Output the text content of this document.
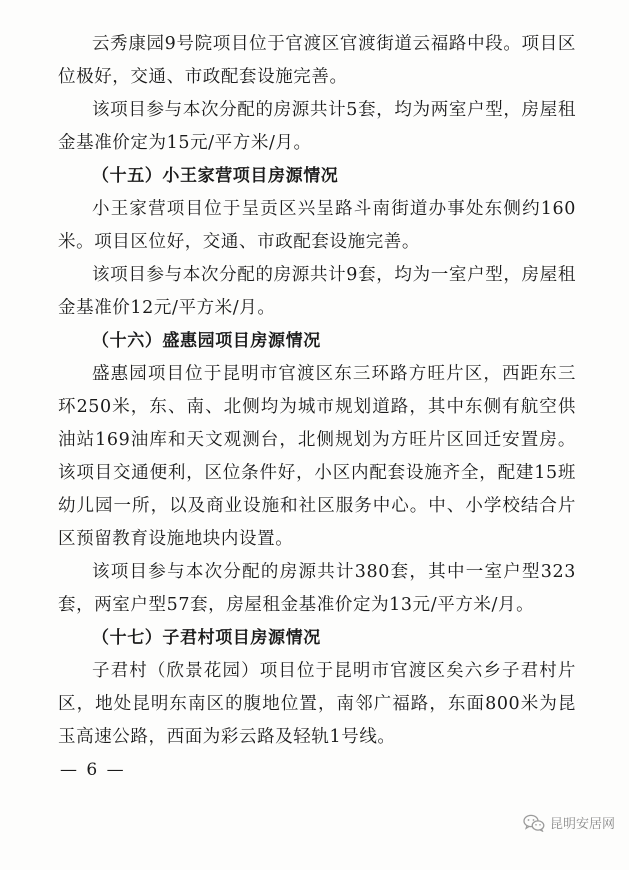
云秀康园9号院项目位于官渡区官渡街道云福路中段。项目区位极好，交通、市政配套设施完善。

该项目参与本次分配的房源共计5套，均为两室户型，房屋租金基准价定为15元/平方米/月。

（十五）小王家营项目房源情况

小王家营项目位于呈贡区兴呈路斗南街道办事处东侧约160米。项目区位好，交通、市政配套设施完善。

该项目参与本次分配的房源共计9套，均为一室户型，房屋租金基准价12元/平方米/月。

（十六）盛惠园项目房源情况

盛惠园项目位于昆明市官渡区东三环路方旺片区，西距东三环250米，东、南、北侧均为城市规划道路，其中东侧有航空供油站169油库和天文观测台，北侧规划为方旺片区回迁安置房。该项目交通便利，区位条件好，小区内配套设施齐全，配建15班幼儿园一所，以及商业设施和社区服务中心。中、小学校结合片区预留教育设施地块内设置。

该项目参与本次分配的房源共计380套，其中一室户型323套，两室户型57套，房屋租金基准价定为13元/平方米/月。

（十七）子君村项目房源情况

子君村（欣景花园）项目位于昆明市官渡区矣六乡子君村片区，地处昆明东南区的腹地位置，南邻广福路，东面800米为昆玉高速公路，西面为彩云路及轻轨1号线。

— 6 —
昆明安居网
